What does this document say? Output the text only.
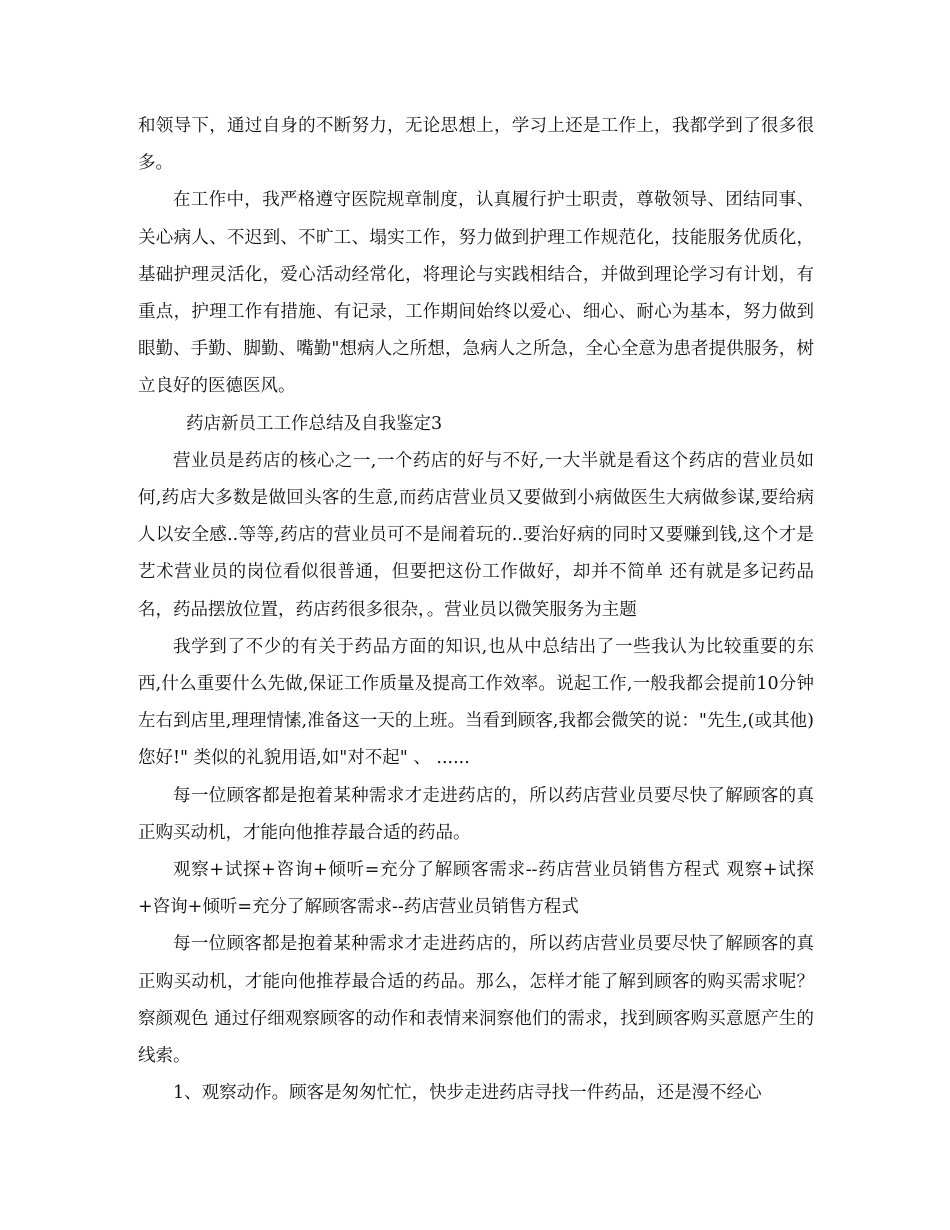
和领导下，通过自身的不断努力，无论思想上，学习上还是工作上，我都学到了很多很多。

在工作中，我严格遵守医院规章制度，认真履行护士职责，尊敬领导、团结同事、关心病人、不迟到、不旷工、塌实工作，努力做到护理工作规范化，技能服务优质化，基础护理灵活化，爱心活动经常化，将理论与实践相结合，并做到理论学习有计划，有重点，护理工作有措施、有记录，工作期间始终以爱心、细心、耐心为基本，努力做到眼勤、手勤、脚勤、嘴勤"想病人之所想，急病人之所急，全心全意为患者提供服务，树立良好的医德医风。

药店新员工工作总结及自我鉴定3

营业员是药店的核心之一,一个药店的好与不好,一大半就是看这个药店的营业员如何,药店大多数是做回头客的生意,而药店营业员又要做到小病做医生大病做参谋,要给病人以安全感..等等,药店的营业员可不是闹着玩的..要治好病的同时又要赚到钱,这个才是艺术营业员的岗位看似很普通，但要把这份工作做好，却并不简单 还有就是多记药品名，药品摆放位置，药店药很多很杂，。营业员以微笑服务为主题

我学到了不少的有关于药品方面的知识,也从中总结出了一些我认为比较重要的东西,什么重要什么先做,保证工作质量及提高工作效率。说起工作,一般我都会提前10分钟左右到店里,理理情愫,准备这一天的上班。当看到顾客,我都会微笑的说："先生,(或其他)您好!" 类似的礼貌用语,如"对不起" 、 ......

每一位顾客都是抱着某种需求才走进药店的，所以药店营业员要尽快了解顾客的真正购买动机，才能向他推荐最合适的药品。

观察+试探+咨询+倾听=充分了解顾客需求--药店营业员销售方程式 观察+试探+咨询+倾听=充分了解顾客需求--药店营业员销售方程式

每一位顾客都是抱着某种需求才走进药店的，所以药店营业员要尽快了解顾客的真正购买动机，才能向他推荐最合适的药品。那么，怎样才能了解到顾客的购买需求呢？察颜观色 通过仔细观察顾客的动作和表情来洞察他们的需求，找到顾客购买意愿产生的线索。

1、观察动作。顾客是匆匆忙忙，快步走进药店寻找一件药品，还是漫不经心
